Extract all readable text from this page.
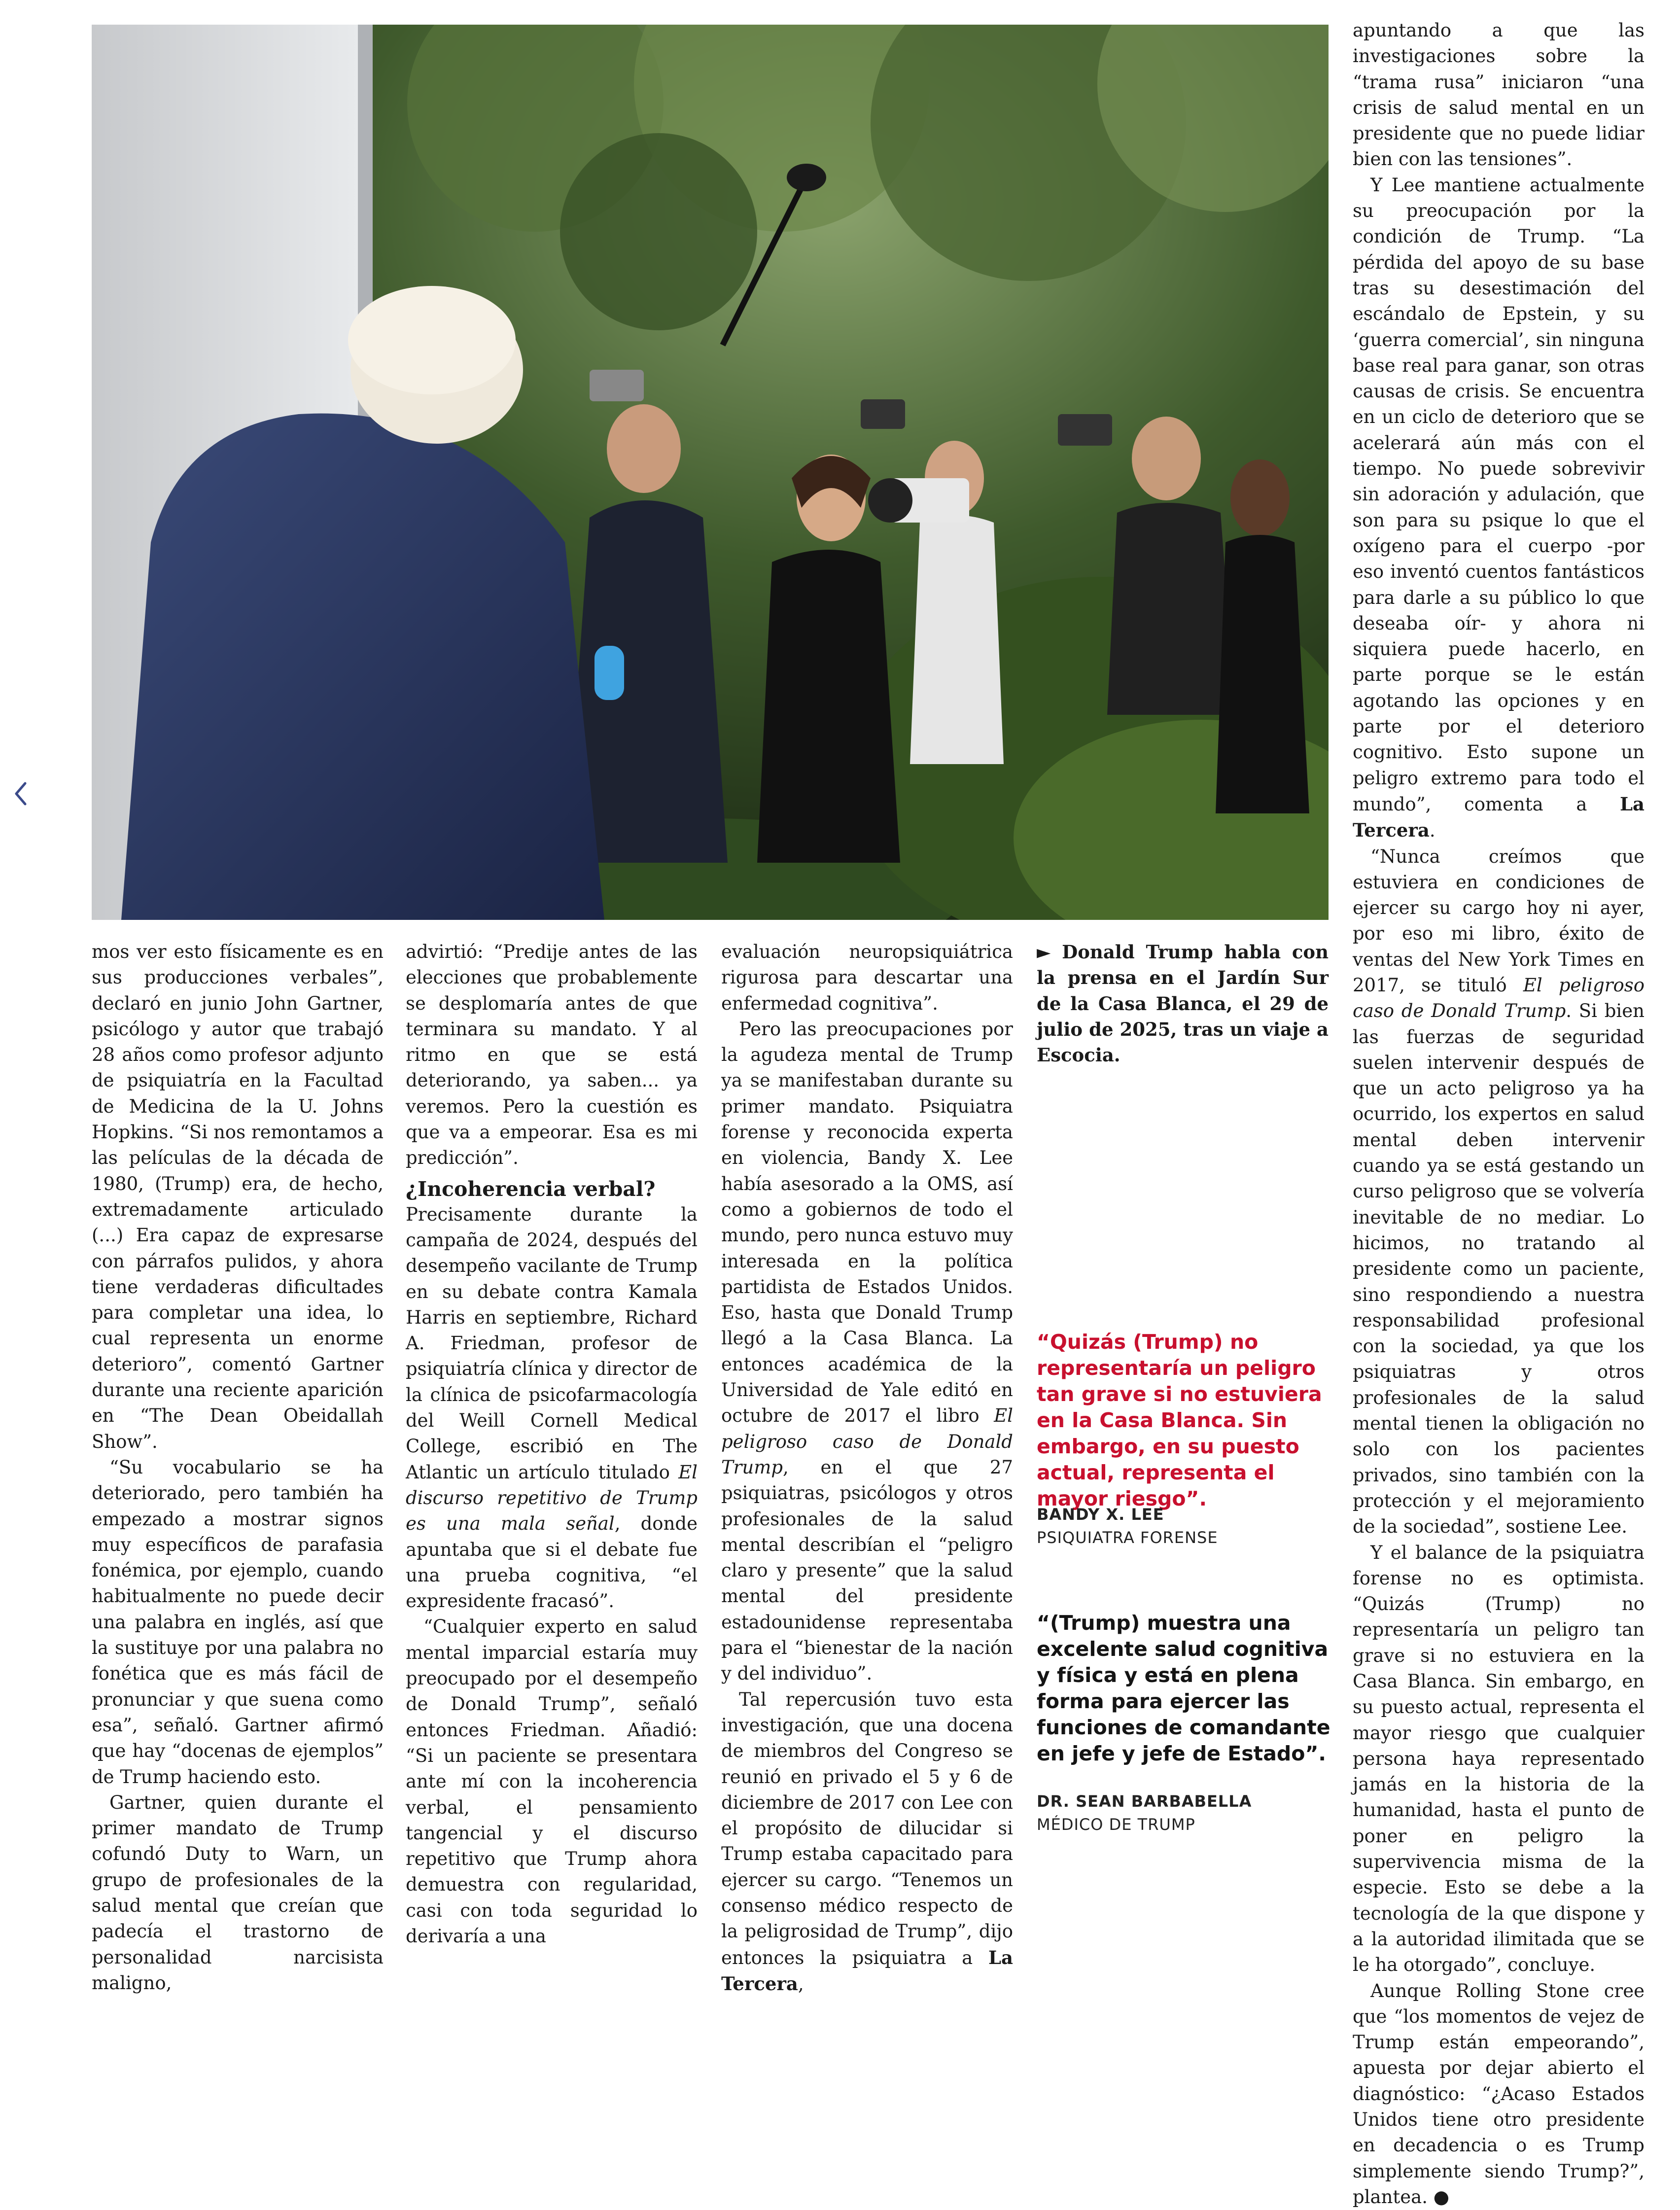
mos ver esto físicamente es en sus producciones verbales”, declaró en junio John Gartner, psicólogo y autor que trabajó 28 años como profesor adjunto de psiquiatría en la Facultad de Medicina de la U. Johns Hopkins. “Si nos remontamos a las películas de la década de 1980, (Trump) era, de hecho, extremadamente articulado (...) Era capaz de expresarse con párrafos pulidos, y ahora tiene verdaderas dificultades para completar una idea, lo cual representa un enorme deterioro”, comentó Gartner durante una reciente aparición en “The Dean Obeidallah Show”.

“Su vocabulario se ha deteriorado, pero también ha empezado a mostrar signos muy específicos de parafasia fonémica, por ejemplo, cuando habitualmente no puede decir una palabra en inglés, así que la sustituye por una palabra no fonética que es más fácil de pronunciar y que suena como esa”, señaló. Gartner afirmó que hay “docenas de ejemplos” de Trump haciendo esto.

Gartner, quien durante el primer mandato de Trump cofundó Duty to Warn, un grupo de profesionales de la salud mental que creían que padecía el trastorno de personalidad narcisista maligno,

advirtió: “Predije antes de las elecciones que probablemente se desplomaría antes de que terminara su mandato. Y al ritmo en que se está deteriorando, ya saben... ya veremos. Pero la cuestión es que va a empeorar. Esa es mi predicción”.

¿Incoherencia verbal?

Precisamente durante la campaña de 2024, después del desempeño vacilante de Trump en su debate contra Kamala Harris en septiembre, Richard A. Friedman, profesor de psiquiatría clínica y director de la clínica de psicofarmacología del Weill Cornell Medical College, escribió en The Atlantic un artículo titulado El discurso repetitivo de Trump es una mala señal, donde apuntaba que si el debate fue una prueba cognitiva, “el expresidente fracasó”.

“Cualquier experto en salud mental imparcial estaría muy preocupado por el desempeño de Donald Trump”, señaló entonces Friedman. Añadió: “Si un paciente se presentara ante mí con la incoherencia verbal, el pensamiento tangencial y el discurso repetitivo que Trump ahora demuestra con regularidad, casi con toda seguridad lo derivaría a una

evaluación neuropsiquiátrica rigurosa para descartar una enfermedad cognitiva”.

Pero las preocupaciones por la agudeza mental de Trump ya se manifestaban durante su primer mandato. Psiquiatra forense y reconocida experta en violencia, Bandy X. Lee había asesorado a la OMS, así como a gobiernos de todo el mundo, pero nunca estuvo muy interesada en la política partidista de Estados Unidos. Eso, hasta que Donald Trump llegó a la Casa Blanca. La entonces académica de la Universidad de Yale editó en octubre de 2017 el libro El peligroso caso de Donald Trump, en el que 27 psiquiatras, psicólogos y otros profesionales de la salud mental describían el “peligro claro y presente” que la salud mental del presidente estadounidense representaba para el “bienestar de la nación y del individuo”.

Tal repercusión tuvo esta investigación, que una docena de miembros del Congreso se reunió en privado el 5 y 6 de diciembre de 2017 con Lee con el propósito de dilucidar si Trump estaba capacitado para ejercer su cargo. “Tenemos un consenso médico respecto de la peligrosidad de Trump”, dijo entonces la psiquiatra a La Tercera,

► Donald Trump habla con la prensa en el Jardín Sur de la Casa Blanca, el 29 de julio de 2025, tras un viaje a Escocia.
“Quizás (Trump) no representaría un peligro tan grave si no estuviera en la Casa Blanca. Sin embargo, en su puesto actual, representa el mayor riesgo”.
BANDY X. LEE
PSIQUIATRA FORENSE
“(Trump) muestra una excelente salud cognitiva y física y está en plena forma para ejercer las funciones de comandante en jefe y jefe de Estado”.
DR. SEAN BARBABELLA
MÉDICO DE TRUMP

apuntando a que las investigaciones sobre la “trama rusa” iniciaron “una crisis de salud mental en un presidente que no puede lidiar bien con las tensiones”.

Y Lee mantiene actualmente su preocupación por la condición de Trump. “La pérdida del apoyo de su base tras su desestimación del escándalo de Epstein, y su ‘guerra comercial’, sin ninguna base real para ganar, son otras causas de crisis. Se encuentra en un ciclo de deterioro que se acelerará aún más con el tiempo. No puede sobrevivir sin adoración y adulación, que son para su psique lo que el oxígeno para el cuerpo -por eso inventó cuentos fantásticos para darle a su público lo que deseaba oír- y ahora ni siquiera puede hacerlo, en parte porque se le están agotando las opciones y en parte por el deterioro cognitivo. Esto supone un peligro extremo para todo el mundo”, comenta a La Tercera.

“Nunca creímos que estuviera en condiciones de ejercer su cargo hoy ni ayer, por eso mi libro, éxito de ventas del New York Times en 2017, se tituló El peligroso caso de Donald Trump. Si bien las fuerzas de seguridad suelen intervenir después de que un acto peligroso ya ha ocurrido, los expertos en salud mental deben intervenir cuando ya se está gestando un curso peligroso que se volvería inevitable de no mediar. Lo hicimos, no tratando al presidente como un paciente, sino respondiendo a nuestra responsabilidad profesional con la sociedad, ya que los psiquiatras y otros profesionales de la salud mental tienen la obligación no solo con los pacientes privados, sino también con la protección y el mejoramiento de la sociedad”, sostiene Lee.

Y el balance de la psiquiatra forense no es optimista. “Quizás (Trump) no representaría un peligro tan grave si no estuviera en la Casa Blanca. Sin embargo, en su puesto actual, representa el mayor riesgo que cualquier persona haya representado jamás en la historia de la humanidad, hasta el punto de poner en peligro la supervivencia misma de la especie. Esto se debe a la tecnología de la que dispone y a la autoridad ilimitada que se le ha otorgado”, concluye.

Aunque Rolling Stone cree que “los momentos de vejez de Trump están empeorando”, apuesta por dejar abierto el diagnóstico: “¿Acaso Estados Unidos tiene otro presidente en decadencia o es Trump simplemente siendo Trump?”, plantea. ●
